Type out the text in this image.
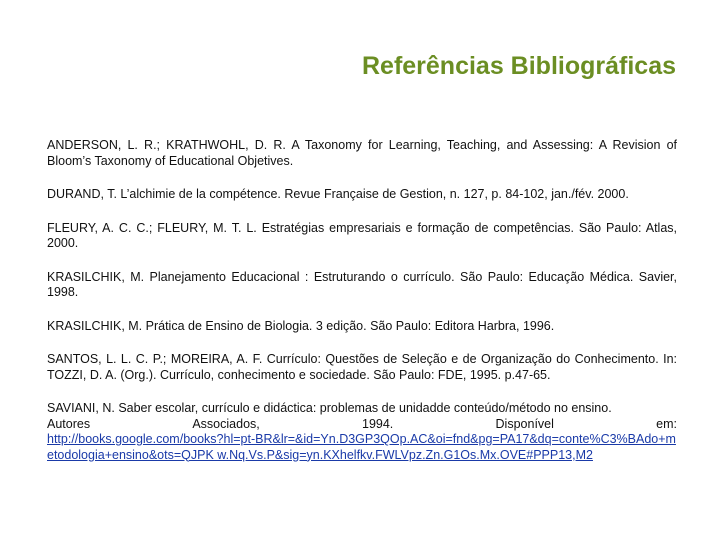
Referências Bibliográficas

ANDERSON, L. R.; KRATHWOHL, D. R. A Taxonomy for Learning, Teaching, and Assessing: A Revision of Bloom’s Taxonomy of Educational Objetives.

DURAND, T. L’alchimie de la compétence. Revue Française de Gestion, n. 127, p. 84-102, jan./fév. 2000.

FLEURY, A. C. C.; FLEURY, M. T. L. Estratégias empresariais e formação de competências. São Paulo: Atlas, 2000.

KRASILCHIK, M. Planejamento Educacional : Estruturando o currículo. São Paulo: Educação Médica. Savier, 1998.

KRASILCHIK, M. Prática de Ensino de Biologia. 3 edição. São Paulo: Editora Harbra, 1996.

SANTOS, L. L. C. P.; MOREIRA, A. F. Currículo: Questões de Seleção e de Organização do Conhecimento. In: TOZZI, D. A. (Org.). Currículo, conhecimento e sociedade. São Paulo: FDE, 1995. p.47-65.

SAVIANI, N. Saber escolar, currículo e didáctica: problemas de unidadde conteúdo/método no ensino.
Autores	Associados,	1994.	Disponível	em:
http://books.google.com/books?hl=pt-BR&lr=&id=Yn.D3GP3QOp.AC&oi=fnd&pg=PA17&dq=conte%C3%BAdo+metodologia+ensino&ots=QJPK w.Nq.Vs.P&sig=yn.KXhelfkv.FWLVpz.Zn.G1Os.Mx.OVE#PPP13,M2
